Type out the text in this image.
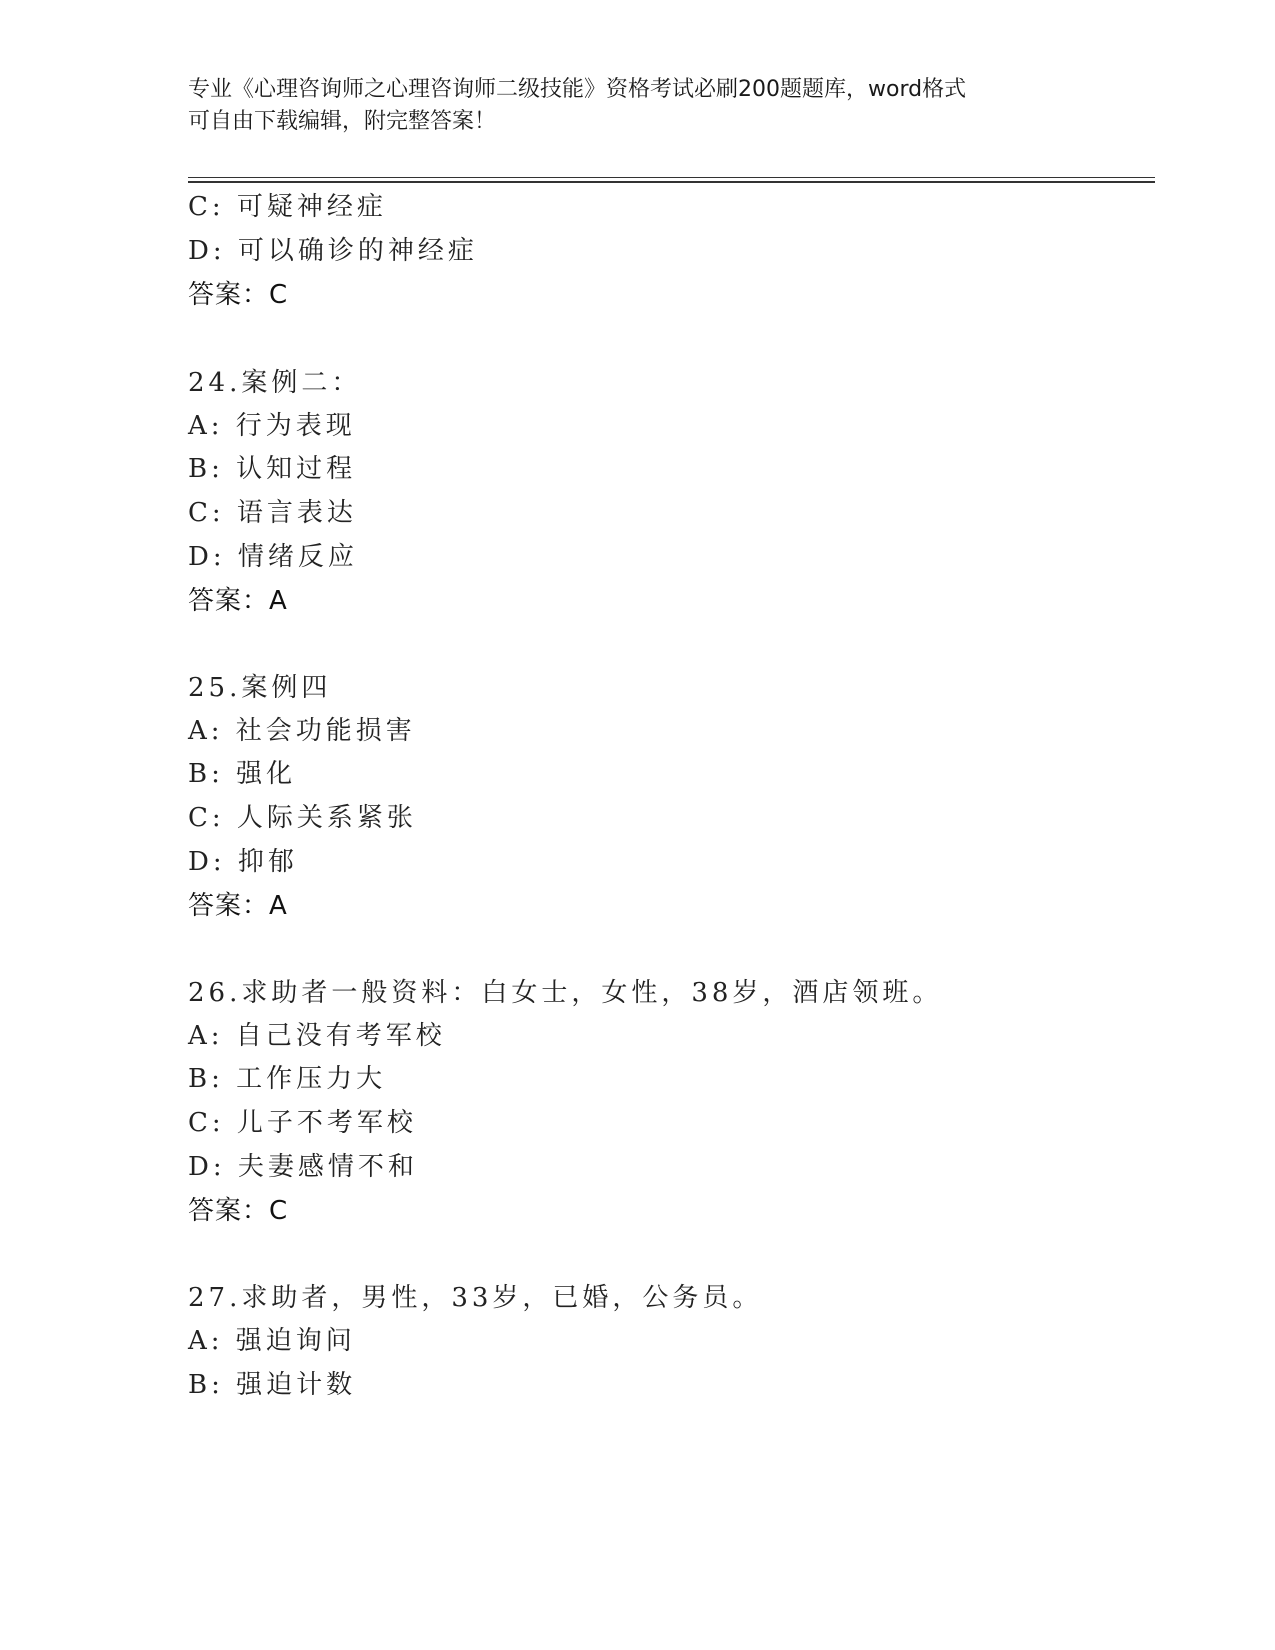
专业《心理咨询师之心理咨询师二级技能》资格考试必刷200题题库，word格式
可自由下载编辑，附完整答案！
C: 可疑神经症
D: 可以确诊的神经症
答案：C
24.案例二：
A: 行为表现
B: 认知过程
C: 语言表达
D: 情绪反应
答案：A
25.案例四
A: 社会功能损害
B: 强化
C: 人际关系紧张
D: 抑郁
答案：A
26.求助者一般资料：白女士，女性，38岁，酒店领班。
A: 自己没有考军校
B: 工作压力大
C: 儿子不考军校
D: 夫妻感情不和
答案：C
27.求助者，男性，33岁，已婚，公务员。
A: 强迫询问
B: 强迫计数
